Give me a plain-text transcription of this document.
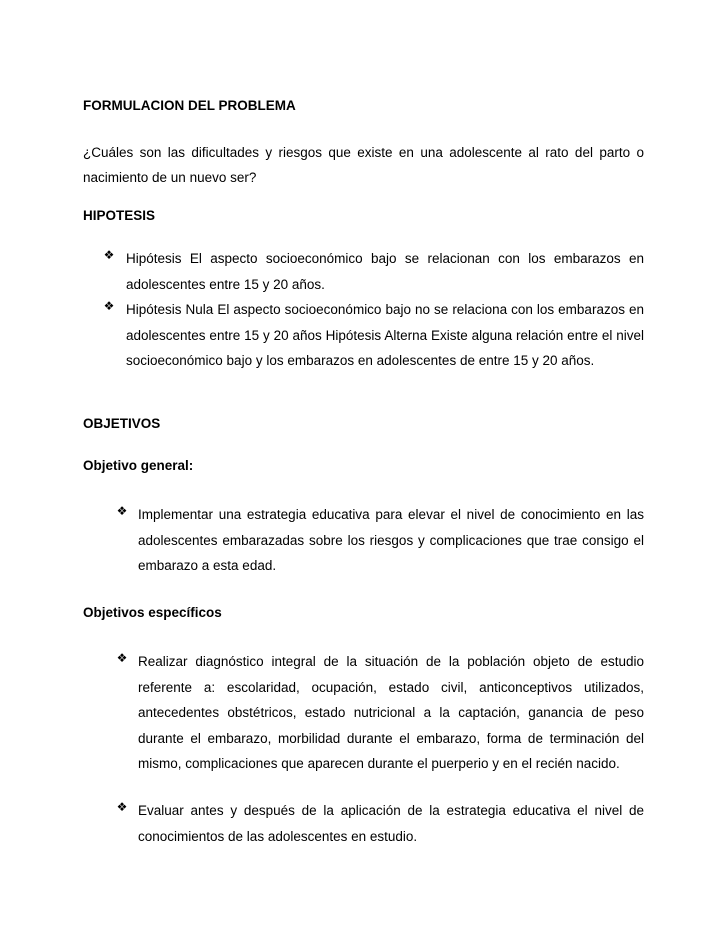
FORMULACION DEL PROBLEMA
¿Cuáles son las dificultades y riesgos que existe en una adolescente al rato del parto o nacimiento de un nuevo ser?
HIPOTESIS
❖ Hipótesis El aspecto socioeconómico bajo se relacionan con los embarazos en adolescentes entre 15 y 20 años.
❖ Hipótesis Nula El aspecto socioeconómico bajo no se relaciona con los embarazos en adolescentes entre 15 y 20 años Hipótesis Alterna Existe alguna relación entre el nivel socioeconómico bajo y los embarazos en adolescentes de entre 15 y 20 años.
OBJETIVOS
Objetivo general:
❖ Implementar una estrategia educativa para elevar el nivel de conocimiento en las adolescentes embarazadas sobre los riesgos y complicaciones que trae consigo el embarazo a esta edad.
Objetivos específicos
❖ Realizar diagnóstico integral de la situación de la población objeto de estudio referente a: escolaridad, ocupación, estado civil, anticonceptivos utilizados, antecedentes obstétricos, estado nutricional a la captación, ganancia de peso durante el embarazo, morbilidad durante el embarazo, forma de terminación del mismo, complicaciones que aparecen durante el puerperio y en el recién nacido.
❖ Evaluar antes y después de la aplicación de la estrategia educativa el nivel de conocimientos de las adolescentes en estudio.
